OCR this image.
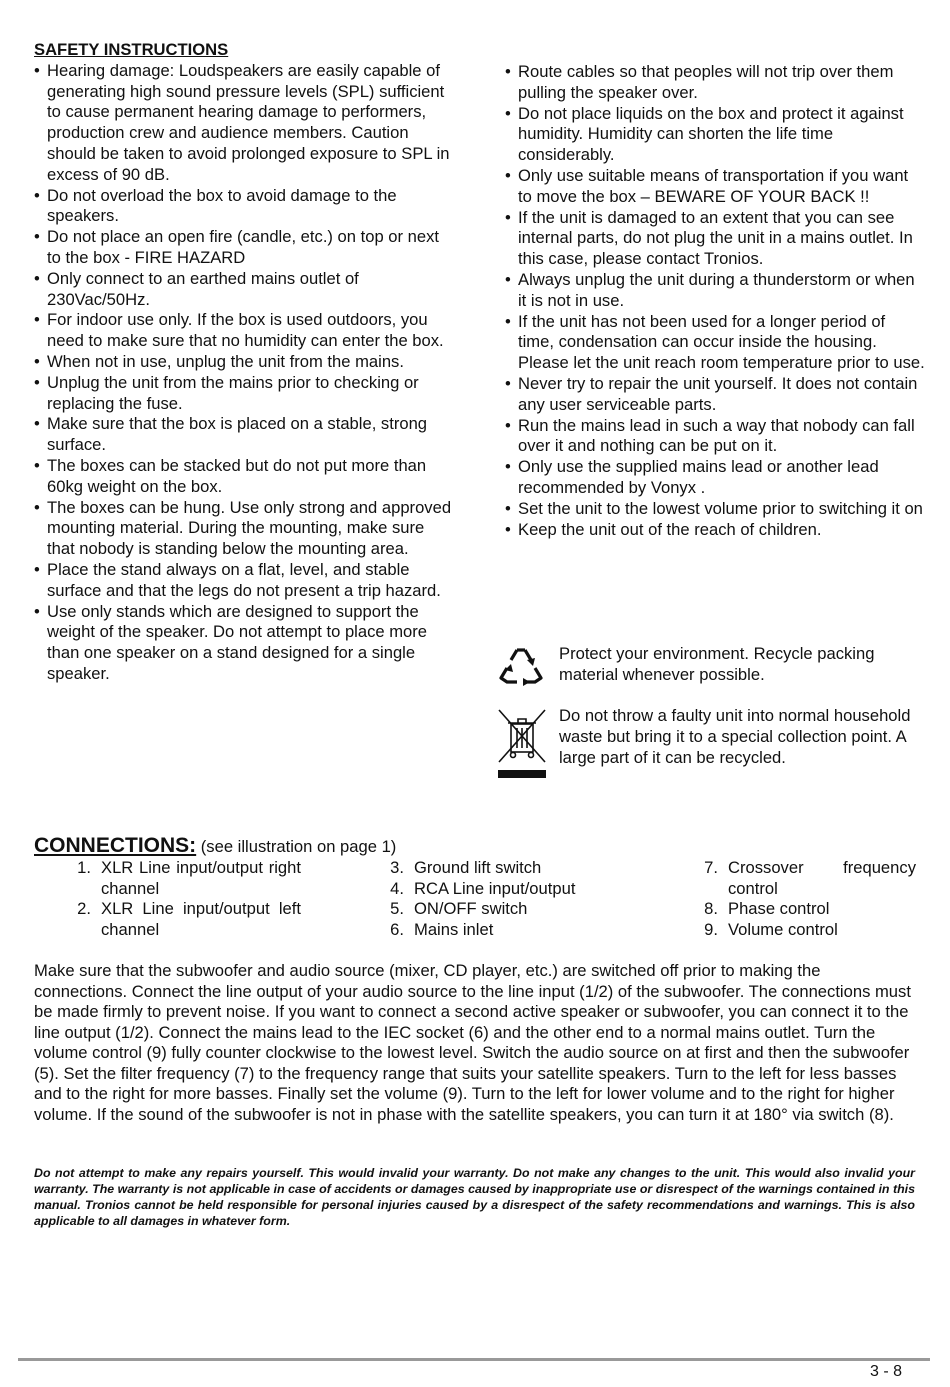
SAFETY INSTRUCTIONS

• Hearing damage: Loudspeakers are easily capable of generating high sound pressure levels (SPL) sufficient to cause permanent hearing damage to performers, production crew and audience members. Caution should be taken to avoid prolonged exposure to SPL in excess of 90 dB.
• Do not overload the box to avoid damage to the speakers.
• Do not place an open fire (candle, etc.) on top or next to the box - FIRE HAZARD
• Only connect to an earthed mains outlet of 230Vac/50Hz.
• For indoor use only. If the box is used outdoors, you need to make sure that no humidity can enter the box.
• When not in use, unplug the unit from the mains.
• Unplug the unit from the mains prior to checking or replacing the fuse.
• Make sure that the box is placed on a stable, strong surface.
• The boxes can be stacked but do not put more than 60kg weight on the box.
• The boxes can be hung. Use only strong and approved mounting material. During the mounting, make sure that nobody is standing below the mounting area.
• Place the stand always on a flat, level, and stable surface and that the legs do not present a trip hazard.
• Use only stands which are designed to support the weight of the speaker. Do not attempt to place more than one speaker on a stand designed for a single speaker.
• Route cables so that peoples will not trip over them pulling the speaker over.
• Do not place liquids on the box and protect it against humidity. Humidity can shorten the life time considerably.
• Only use suitable means of transportation if you want to move the box – BEWARE OF YOUR BACK !!
• If the unit is damaged to an extent that you can see internal parts, do not plug the unit in a mains outlet. In this case, please contact Tronios.
• Always unplug the unit during a thunderstorm or when it is not in use.
• If the unit has not been used for a longer period of time, condensation can occur inside the housing. Please let the unit reach room temperature prior to use.
• Never try to repair the unit yourself. It does not contain any user serviceable parts.
• Run the mains lead in such a way that nobody can fall over it and nothing can be put on it.
• Only use the supplied mains lead or another lead recommended by Vonyx .
• Set the unit to the lowest volume prior to switching it on
• Keep the unit out of the reach of children.
Protect your environment. Recycle packing material whenever possible.
Do not throw a faulty unit into normal household waste but bring it to a special collection point. A large part of it can be recycled.

CONNECTIONS: (see illustration on page 1)

1. XLR Line input/output right channel
2. XLR Line input/output left channel
3. Ground lift switch
4. RCA Line input/output
5. ON/OFF switch
6. Mains inlet
7. Crossover frequency control
8. Phase control
9. Volume control

Make sure that the subwoofer and audio source (mixer, CD player, etc.) are switched off prior to making the connections. Connect the line output of your audio source to the line input (1/2) of the subwoofer. The connections must be made firmly to prevent noise. If you want to connect a second active speaker or subwoofer, you can connect it to the line output (1/2). Connect the mains lead to the IEC socket (6) and the other end to a normal mains outlet. Turn the volume control (9) fully counter clockwise to the lowest level. Switch the audio source on at first and then the subwoofer (5). Set the filter frequency (7) to the frequency range that suits your satellite speakers. Turn to the left for less basses and to the right for more basses. Finally set the volume (9). Turn to the left for lower volume and to the right for higher volume. If the sound of the subwoofer is not in phase with the satellite speakers, you can turn it at 180° via switch (8).

Do not attempt to make any repairs yourself. This would invalid your warranty. Do not make any changes to the unit. This would also invalid your warranty. The warranty is not applicable in case of accidents or damages caused by inappropriate use or disrespect of the warnings contained in this manual. Tronios cannot be held responsible for personal injuries caused by a disrespect of the safety recommendations and warnings. This is also applicable to all damages in whatever form.

3 - 8
